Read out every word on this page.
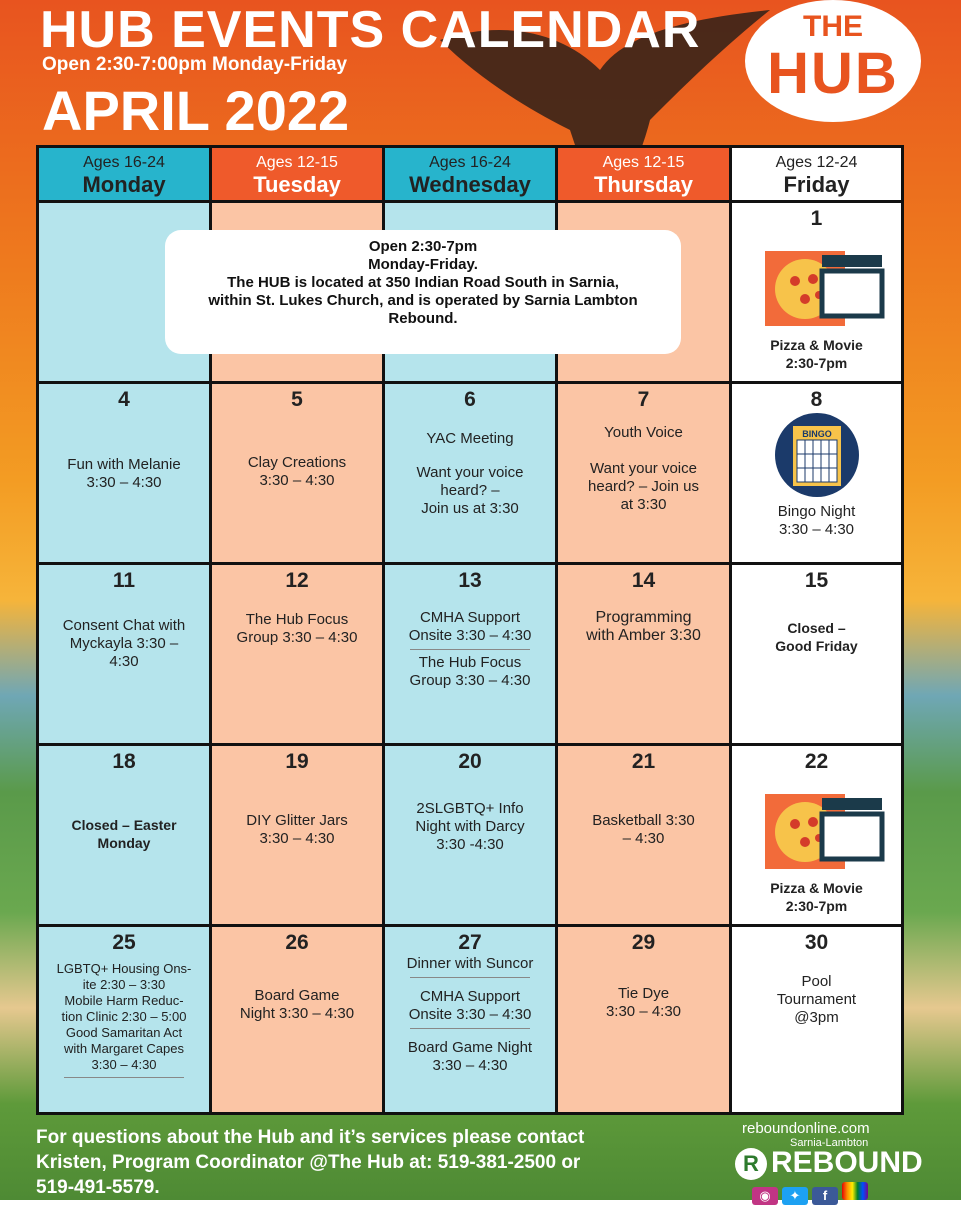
HUB EVENTS CALENDAR
Open 2:30-7:00pm Monday-Friday
APRIL 2022
THE
HUB
Ages 16-24
Monday
Ages 12-15
Tuesday
Ages 16-24
Wednesday
Ages 12-15
Thursday
Ages 12-24
Friday
1
Pizza & Movie
2:30-7pm
4
Fun with Melanie
3:30 – 4:30
5
Clay Creations
3:30 – 4:30
6
YAC Meeting
Want your voice
heard? –
Join us at 3:30
7
Youth Voice
Want your voice
heard? – Join us
at 3:30
8
BINGO
Bingo Night
3:30 – 4:30
11
Consent Chat with
Myckayla 3:30 –
4:30
12
The Hub Focus
Group 3:30 – 4:30
13
CMHA Support
Onsite 3:30 – 4:30
The Hub Focus
Group 3:30 – 4:30
14
Programming
with Amber 3:30
15
Closed –
Good Friday
18
Closed – Easter
Monday
19
DIY Glitter Jars
3:30 – 4:30
20
2SLGBTQ+ Info
Night with Darcy
3:30 -4:30
21
Basketball 3:30
– 4:30
22
Pizza & Movie
2:30-7pm
25
LGBTQ+ Housing Ons-
ite 2:30 – 3:30
Mobile Harm Reduc-
tion Clinic 2:30 – 5:00
Good Samaritan Act
with Margaret Capes
3:30 – 4:30
26
Board Game
Night 3:30 – 4:30
27
Dinner with Suncor
CMHA Support
Onsite 3:30 – 4:30
Board Game Night
3:30 – 4:30
29
Tie Dye
3:30 – 4:30
30
Pool
Tournament
@3pm
Open 2:30-7pm
Monday-Friday.
The HUB is located at 350 Indian Road South in Sarnia,
within St. Lukes Church, and is operated by Sarnia Lambton
Rebound.
For questions about the Hub and it’s services please contact
Kristen, Program Coordinator @The Hub at: 519-381-2500 or
519-491-5579.
reboundonline.com
Sarnia-Lambton
R REBOUND
◉ ✦ f
